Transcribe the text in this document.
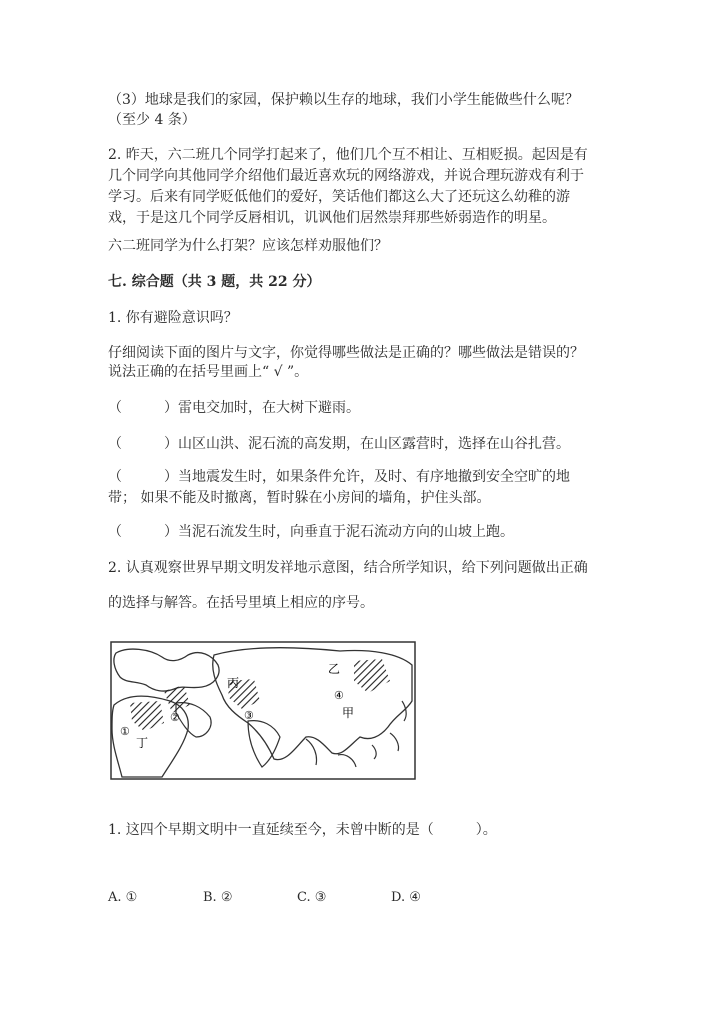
（3）地球是我们的家园，保护赖以生存的地球，我们小学生能做些什么呢？

（至少 4 条）

2. 昨天，六二班几个同学打起来了，他们几个互不相让、互相贬损。起因是有

几个同学向其他同学介绍他们最近喜欢玩的网络游戏，并说合理玩游戏有利于

学习。后来有同学贬低他们的爱好，笑话他们都这么大了还玩这么幼稚的游

戏，于是这几个同学反唇相讥，讥讽他们居然崇拜那些娇弱造作的明星。

六二班同学为什么打架？应该怎样劝服他们？

七. 综合题（共 3 题，共 22 分）

1. 你有避险意识吗？

仔细阅读下面的图片与文字，你觉得哪些做法是正确的？哪些做法是错误的？

说法正确的在括号里画上“ √ ”。

（　　　）雷电交加时，在大树下避雨。

（　　　）山区山洪、泥石流的高发期，在山区露营时，选择在山谷扎营。

（　　　）当地震发生时，如果条件允许，及时、有序地撤到安全空旷的地

带； 如果不能及时撤离，暂时躲在小房间的墙角，护住头部。

（　　　）当泥石流发生时，向垂直于泥石流动方向的山坡上跑。

2. 认真观察世界早期文明发祥地示意图，结合所学知识，给下列问题做出正确

的选择与解答。在括号里填上相应的序号。

①
②	③
④
甲
乙
丙
丁

1. 这四个早期文明中一直延续至今，未曾中断的是（　　　）。

A. ①	B. ②	C. ③	D. ④
